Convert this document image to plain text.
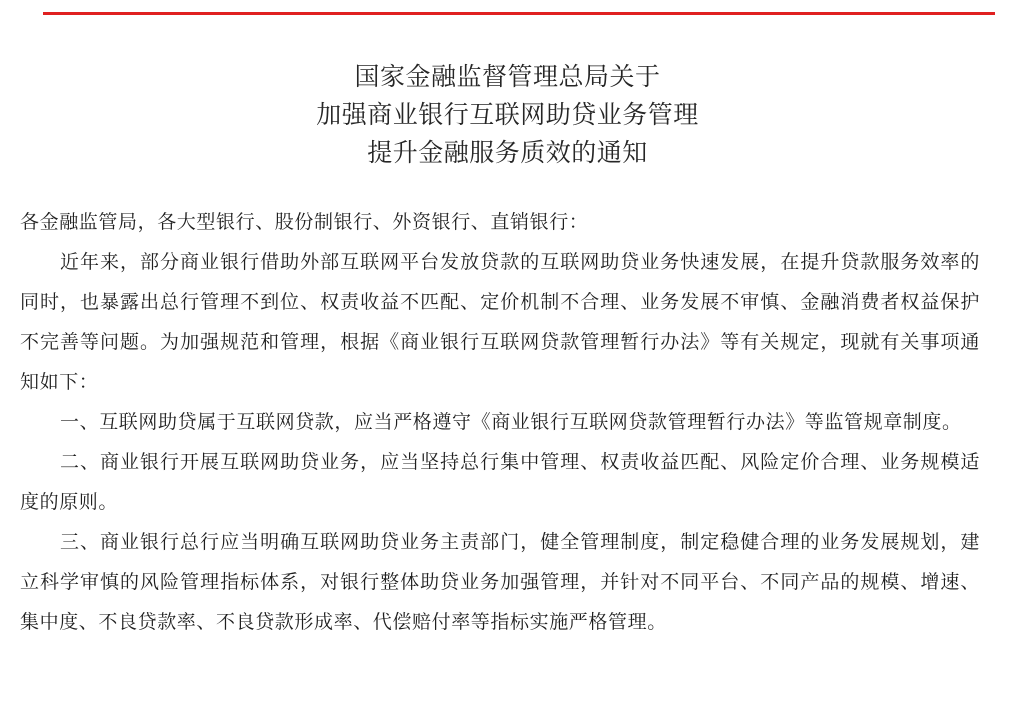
国家金融监督管理总局关于
加强商业银行互联网助贷业务管理
提升金融服务质效的通知

各金融监管局，各大型银行、股份制银行、外资银行、直销银行：

近年来，部分商业银行借助外部互联网平台发放贷款的互联网助贷业务快速发展，在提升贷款服务效率的同时，也暴露出总行管理不到位、权责收益不匹配、定价机制不合理、业务发展不审慎、金融消费者权益保护不完善等问题。为加强规范和管理，根据《商业银行互联网贷款管理暂行办法》等有关规定，现就有关事项通知如下：

一、互联网助贷属于互联网贷款，应当严格遵守《商业银行互联网贷款管理暂行办法》等监管规章制度。

二、商业银行开展互联网助贷业务，应当坚持总行集中管理、权责收益匹配、风险定价合理、业务规模适度的原则。

三、商业银行总行应当明确互联网助贷业务主责部门，健全管理制度，制定稳健合理的业务发展规划，建立科学审慎的风险管理指标体系，对银行整体助贷业务加强管理，并针对不同平台、不同产品的规模、增速、集中度、不良贷款率、不良贷款形成率、代偿赔付率等指标实施严格管理。
